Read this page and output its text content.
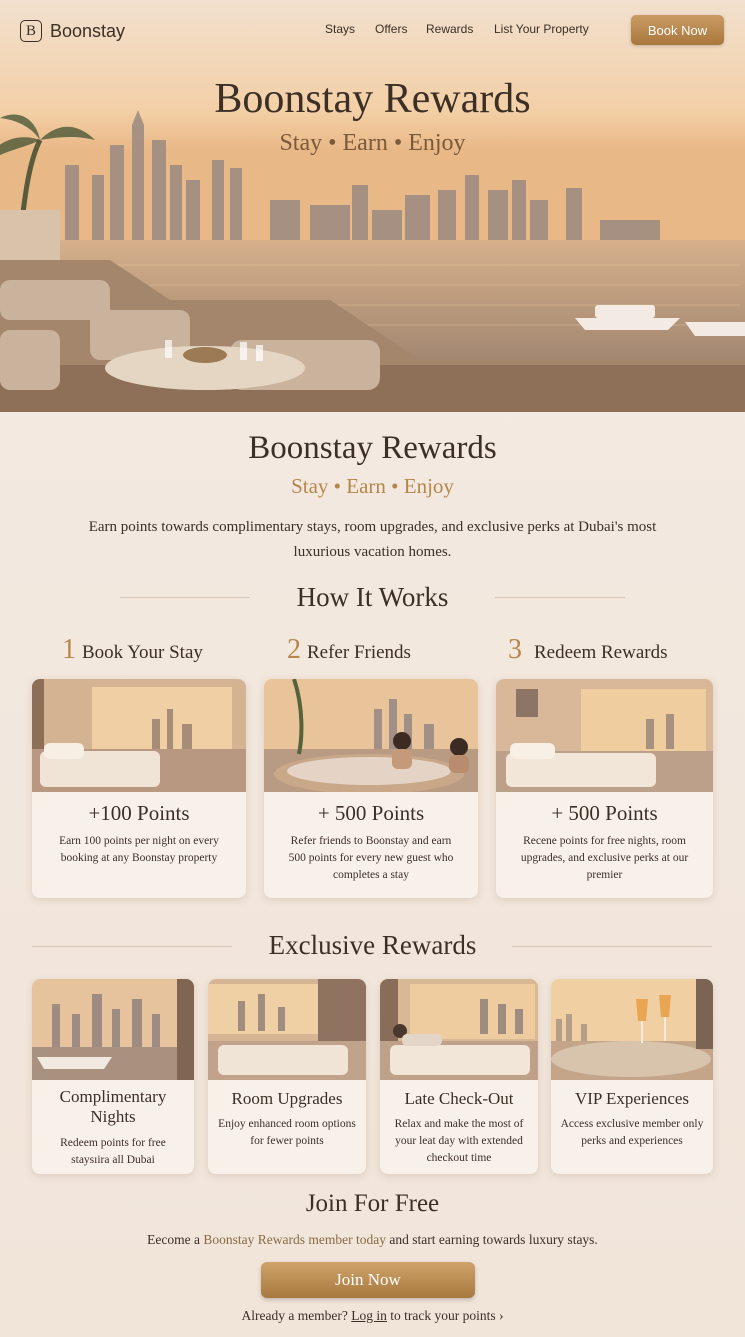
B Boonstay	Stays Offers Rewards List Your Property	Book Now
Boonstay Rewards
Stay • Earn • Enjoy
Boonstay Rewards
Stay • Earn • Enjoy
Earn points towards complimentary stays, room upgrades, and exclusive perks at Dubai's most luxurious vacation homes.
How It Works
1 Book Your Stay	2 Refer Friends	3 Redeem Rewards
+100 Points
Earn 100 points per night on every booking at any Boonstay property
+ 500 Points
Refer friends to Boonstay and earn 500 points for every new guest who completes a stay
+ 500 Points
Recene points for free nights, room upgrades, and exclusive perks at our premier
Exclusive Rewards
Complimentary Nights
Redeem points for free staysıira all Dubai
Room Upgrades
Enjoy enhanced room options for fewer points
Late Check-Out
Relax and make the most of your leat day with extended checkout time
VIP Experiences
Access exclusive member only perks and experiences
Join For Free
Eecome a Boonstay Rewards member today and start earning towards luxury stays.
Join Now
Already a member? Log in to track your points ›
